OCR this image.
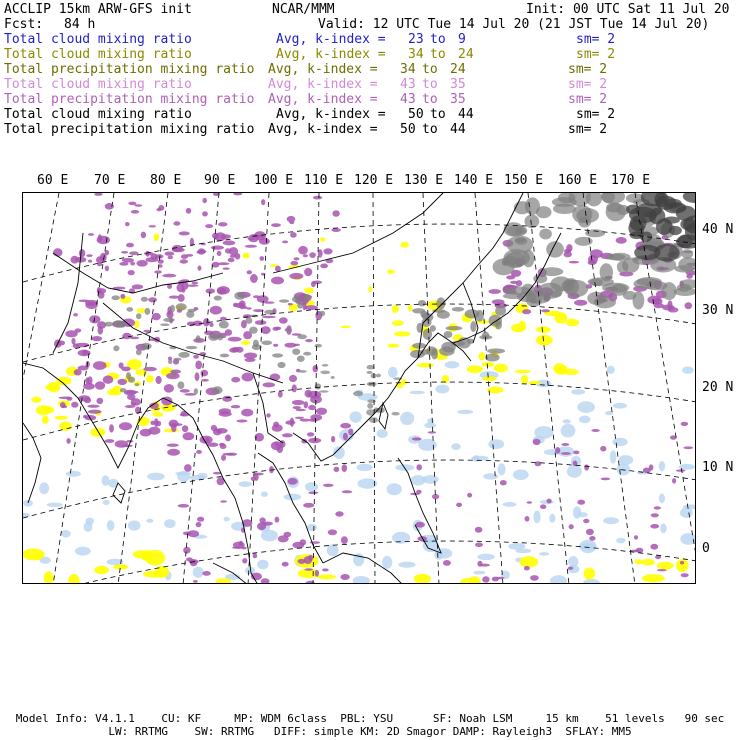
ACCLIP 15km ARW-GFS init	NCAR/MMM	Init: 00 UTC Sat 11 Jul 20
Fcst: 84 h	Valid: 12 UTC Tue 14 Jul 20 (21 JST Tue 14 Jul 20)
Total cloud mixing ratio	Avg, k-index = 23 to 9	sm= 2
Total cloud mixing ratio	Avg, k-index = 34 to 24	sm= 2
Total precipitation mixing ratio Avg, k-index = 34 to 24	sm= 2
Total cloud mixing ratio	Avg, k-index = 43 to 35	sm= 2
Total precipitation mixing ratio Avg, k-index = 43 to 35	sm= 2
Total cloud mixing ratio	Avg, k-index = 50 to 44	sm= 2
Total precipitation mixing ratio Avg, k-index = 50 to 44	sm= 2
60 E 70 E 80 E 90 E 100 E 110 E 120 E 130 E 140 E 150 E 160 E 170 E
40 N
30 N
20 N
10 N
0
Model Info: V4.1.1    CU: KF     MP: WDM 6class  PBL: YSU      SF: Noah LSM     15 km    51 levels   90 sec
LW: RRTMG    SW: RRTMG   DIFF: simple KM: 2D Smagor DAMP: Rayleigh3  SFLAY: MM5
